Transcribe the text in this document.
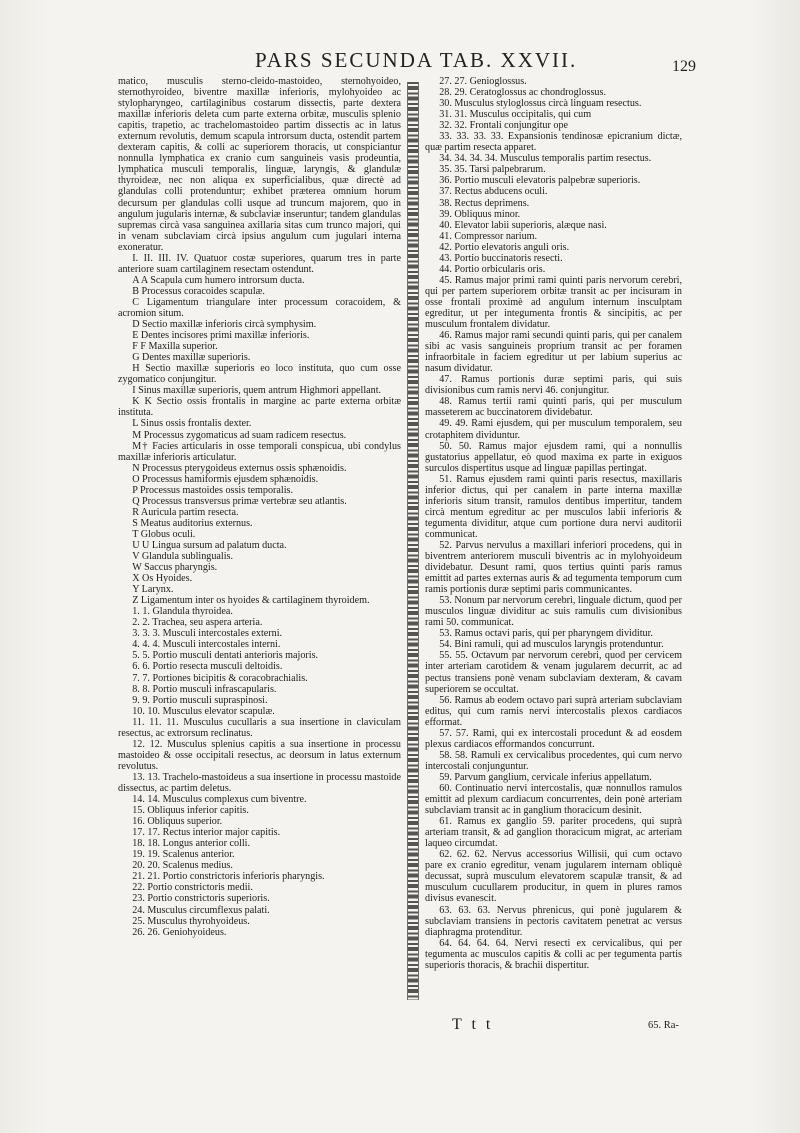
PARS SECUNDA TAB. XXVII.	129

matico, musculis sterno-cleido-mastoideo, sternohyoideo, sternothyroideo, biventre maxillæ inferioris, mylohyoideo ac stylopharyngeo, cartilaginibus costarum dissectis, parte dextera maxillæ inferioris deleta cum parte externa orbitæ, musculis splenio capitis, trapetio, ac trachelomastoideo partim dissectis ac in latus externum revolutis, demum scapula introrsum ducta, ostendit partem dexteram capitis, & colli ac superiorem thoracis, ut conspiciantur nonnulla lymphatica ex cranio cum sanguineis vasis prodeuntia, lymphatica musculi temporalis, linguæ, laryngis, & glandulæ thyroideæ, nec non aliqua ex superficialibus, quæ directè ad glandulas colli protenduntur; exhibet præterea omnium horum decursum per glandulas colli usque ad truncum majorem, quo in angulum jugularis internæ, & subclaviæ inseruntur; tandem glandulas supremas circà vasa sanguinea axillaria sitas cum trunco majori, qui in venam subclaviam circà ipsius angulum cum jugulari interna exoneratur.

I. II. III. IV. Quatuor costæ superiores, quarum tres in parte anteriore suam cartilaginem resectam ostendunt.

A A Scapula cum humero introrsum ducta.

B Processus coracoides scapulæ.

C Ligamentum triangulare inter processum coracoidem, & acromion situm.

D Sectio maxillæ inferioris circà symphysim.

E Dentes incisores primi maxillæ inferioris.

F F Maxilla superior.

G Dentes maxillæ superioris.

H Sectio maxillæ superioris eo loco instituta, quo cum osse zygomatico conjungitur.

I Sinus maxillæ superioris, quem antrum Highmori appellant.

K K Sectio ossis frontalis in margine ac parte externa orbitæ instituta.

L Sinus ossis frontalis dexter.

M Processus zygomaticus ad suam radicem resectus.

M† Facies articularis in osse temporali conspicua, ubi condylus maxillæ inferioris articulatur.

N Processus pterygoideus externus ossis sphænoidis.

O Processus hamiformis ejusdem sphænoidis.

P Processus mastoides ossis temporalis.

Q Processus transversus primæ vertebræ seu atlantis.

R Auricula partim resecta.

S Meatus auditorius externus.

T Globus oculi.

U U Lingua sursum ad palatum ducta.

V Glandula sublingualis.

W Saccus pharyngis.

X Os Hyoides.

Y Larynx.

Z Ligamentum inter os hyoides & cartilaginem thyroidem.

1. 1. Glandula thyroidea.

2. 2. Trachea, seu aspera arteria.

3. 3. 3. Musculi intercostales externi.

4. 4. 4. Musculi intercostales interni.

5. 5. Portio musculi dentati anterioris majoris.

6. 6. Portio resecta musculi deltoidis.

7. 7. Portiones bicipitis & coracobrachialis.

8. 8. Portio musculi infrascapularis.

9. 9. Portio musculi supraspinosi.

10. 10. Musculus elevator scapulæ.

11. 11. 11. Musculus cucullaris a sua insertione in claviculam resectus, ac extrorsum reclinatus.

12. 12. Musculus splenius capitis a sua insertione in processu mastoideo & osse occipitali resectus, ac deorsum in latus externum revolutus.

13. 13. Trachelo-mastoideus a sua insertione in processu mastoide dissectus, ac partim deletus.

14. 14. Musculus complexus cum biventre.

15. Obliquus inferior capitis.

16. Obliquus superior.

17. 17. Rectus interior major capitis.

18. 18. Longus anterior colli.

19. 19. Scalenus anterior.

20. 20. Scalenus medius.

21. 21. Portio constrictoris inferioris pharyngis.

22. Portio constrictoris medii.

23. Portio constrictoris superioris.

24. Musculus circumflexus palati.

25. Musculus thyrohyoideus.

26. 26. Geniohyoideus.

27. 27. Genioglossus.

28. 29. Ceratoglossus ac chondroglossus.

30. Musculus styloglossus circà linguam resectus.

31. 31. Musculus occipitalis, qui cum

32. 32. Frontali conjungitur ope

33. 33. 33. 33. Expansionis tendinosæ epicranium dictæ, quæ partim resecta apparet.

34. 34. 34. 34. Musculus temporalis partim resectus.

35. 35. Tarsi palpebrarum.

36. Portio musculi elevatoris palpebræ superioris.

37. Rectus abducens oculi.

38. Rectus deprimens.

39. Obliquus minor.

40. Elevator labii superioris, alæque nasi.

41. Compressor narium.

42. Portio elevatoris anguli oris.

43. Portio buccinatoris resecti.

44. Portio orbicularis oris.

45. Ramus major primi rami quinti paris nervorum cerebri, qui per partem superiorem orbitæ transit ac per incisuram in osse frontali proximè ad angulum internum insculptam egreditur, ut per integumenta frontis & sincipitis, ac per musculum frontalem dividatur.

46. Ramus major rami secundi quinti paris, qui per canalem sibi ac vasis sanguineis proprium transit ac per foramen infraorbitale in faciem egreditur ut per labium superius ac nasum dividatur.

47. Ramus portionis duræ septimi paris, qui suis divisionibus cum ramis nervi 46. conjungitur.

48. Ramus tertii rami quinti paris, qui per musculum masseterem ac buccinatorem dividebatur.

49. 49. Rami ejusdem, qui per musculum temporalem, seu crotaphitem dividuntur.

50. 50. Ramus major ejusdem rami, qui a nonnullis gustatorius appellatur, eò quod maxima ex parte in exiguos surculos dispertitus usque ad linguæ papillas pertingat.

51. Ramus ejusdem rami quinti paris resectus, maxillaris inferior dictus, qui per canalem in parte interna maxillæ inferioris situm transit, ramulos dentibus impertitur, tandem circà mentum egreditur ac per musculos labii inferioris & tegumenta dividitur, atque cum portione dura nervi auditorii communicat.

52. Parvus nervulus a maxillari inferiori procedens, qui in biventrem anteriorem musculi biventris ac in mylohyoideum dividebatur. Desunt rami, quos tertius quinti paris ramus emittit ad partes externas auris & ad tegumenta temporum cum ramis portionis duræ septimi paris communicantes.

53. Nonum par nervorum cerebri, linguale dictum, quod per musculos linguæ dividitur ac suis ramulis cum divisionibus rami 50. communicat.

53. Ramus octavi paris, qui per pharyngem dividitur.

54. Bini ramuli, qui ad musculos laryngis protenduntur.

55. 55. Octavum par nervorum cerebri, quod per cervicem inter arteriam carotidem & venam jugularem decurrit, ac ad pectus transiens ponè venam subclaviam dexteram, & cavam superiorem se occultat.

56. Ramus ab eodem octavo pari suprà arteriam subclaviam editus, qui cum ramis nervi intercostalis plexos cardiacos efformat.

57. 57. Rami, qui ex intercostali procedunt & ad eosdem plexus cardiacos efformandos concurrunt.

58. 58. Ramuli ex cervicalibus procedentes, qui cum nervo intercostali conjunguntur.

59. Parvum ganglium, cervicale inferius appellatum.

60. Continuatio nervi intercostalis, quæ nonnullos ramulos emittit ad plexum cardiacum concurrentes, dein ponè arteriam subclaviam transit ac in ganglium thoracicum desinit.

61. Ramus ex ganglio 59. pariter procedens, qui suprà arteriam transit, & ad ganglion thoracicum migrat, ac arteriam laqueo circumdat.

62. 62. 62. Nervus accessorius Willisii, qui cum octavo pare ex cranio egreditur, venam jugularem internam obliquè decussat, suprà musculum elevatorem scapulæ transit, & ad musculum cucullarem producitur, in quem in plures ramos divisus evanescit.

63. 63. 63. Nervus phrenicus, qui ponè jugularem & subclaviam transiens in pectoris cavitatem penetrat ac versus diaphragma protenditur.

64. 64. 64. 64. Nervi resecti ex cervicalibus, qui per tegumenta ac musculos capitis & colli ac per tegumenta partis superioris thoracis, & brachii dispertitur.

T t t	65. Ra-
